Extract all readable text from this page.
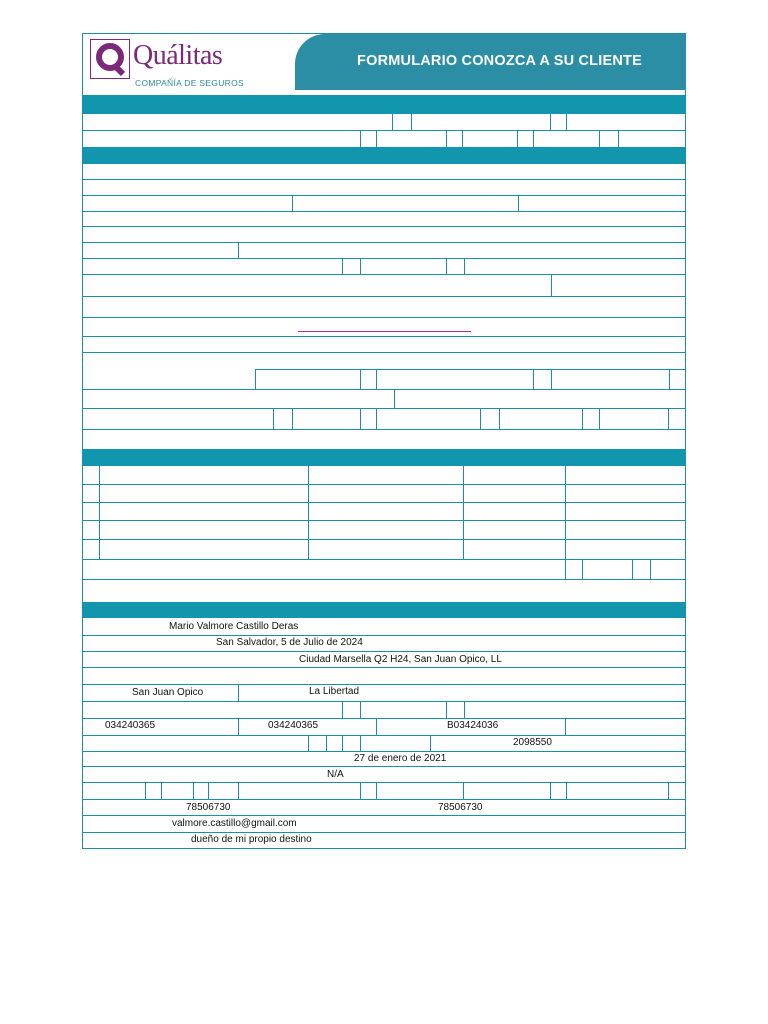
Quálitas
COMPAÑÍA DE SEGUROS
FORMULARIO CONOZCA A SU CLIENTE
Mario Valmore Castillo Deras
San Salvador, 5 de Julio de 2024
Ciudad Marsella Q2 H24, San Juan Opico, LL
San Juan Opico	La Libertad
034240365	034240365	B03424036
2098550
27 de enero de 2021
N/A
78506730	78506730
valmore.castillo@gmail.com
dueño de mi propio destino
